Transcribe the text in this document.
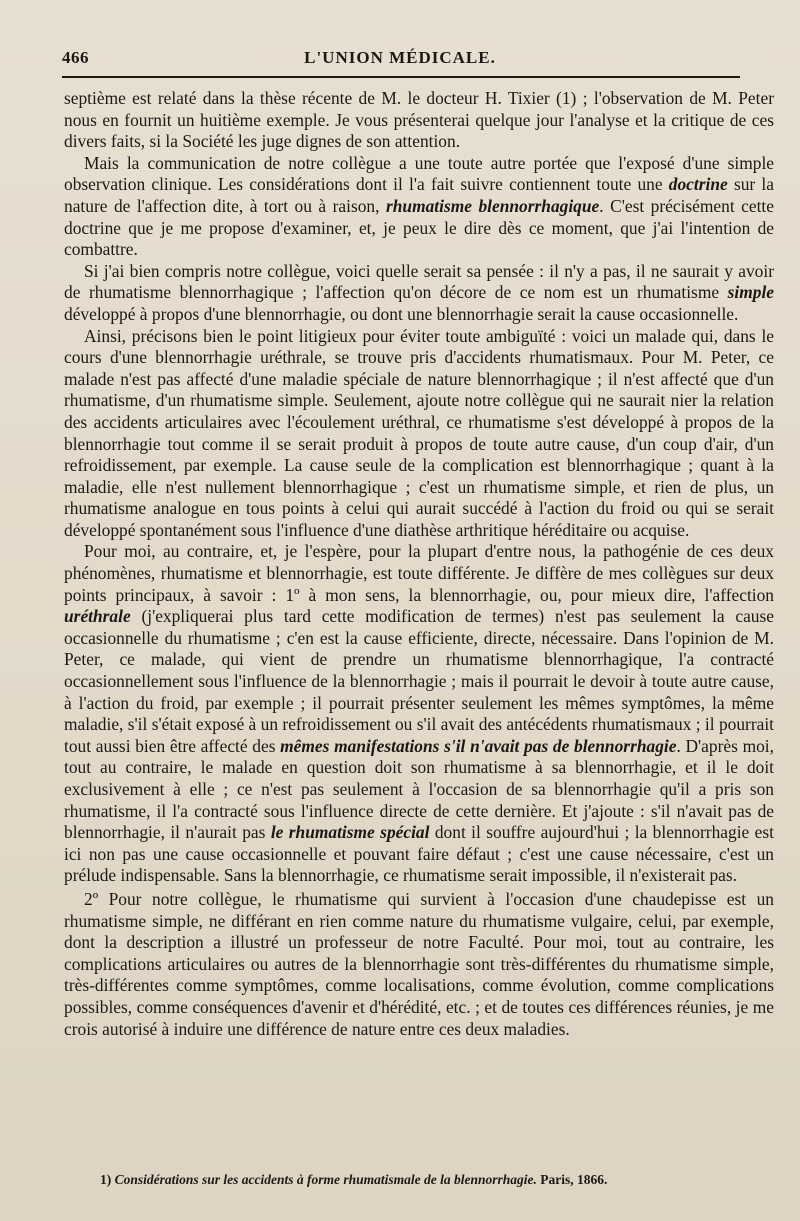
466	L'UNION MÉDICALE.

septième est relaté dans la thèse récente de M. le docteur H. Tixier (1) ; l'observation de M. Peter nous en fournit un huitième exemple. Je vous présenterai quelque jour l'analyse et la critique de ces divers faits, si la Société les juge dignes de son attention.

Mais la communication de notre collègue a une toute autre portée que l'exposé d'une simple observation clinique. Les considérations dont il l'a fait suivre contiennent toute une doctrine sur la nature de l'affection dite, à tort ou à raison, rhumatisme blennorrhagique. C'est précisément cette doctrine que je me propose d'examiner, et, je peux le dire dès ce moment, que j'ai l'intention de combattre.

Si j'ai bien compris notre collègue, voici quelle serait sa pensée : il n'y a pas, il ne saurait y avoir de rhumatisme blennorrhagique ; l'affection qu'on décore de ce nom est un rhumatisme simple développé à propos d'une blennorrhagie, ou dont une blennorrhagie serait la cause occasionnelle.

Ainsi, précisons bien le point litigieux pour éviter toute ambiguïté : voici un malade qui, dans le cours d'une blennorrhagie uréthrale, se trouve pris d'accidents rhumatismaux. Pour M. Peter, ce malade n'est pas affecté d'une maladie spéciale de nature blennorrhagique ; il n'est affecté que d'un rhumatisme, d'un rhumatisme simple. Seulement, ajoute notre collègue qui ne saurait nier la relation des accidents articulaires avec l'écoulement uréthral, ce rhumatisme s'est développé à propos de la blennorrhagie tout comme il se serait produit à propos de toute autre cause, d'un coup d'air, d'un refroidissement, par exemple. La cause seule de la complication est blennorrhagique ; quant à la maladie, elle n'est nullement blennorrhagique ; c'est un rhumatisme simple, et rien de plus, un rhumatisme analogue en tous points à celui qui aurait succédé à l'action du froid ou qui se serait développé spontanément sous l'influence d'une diathèse arthritique héréditaire ou acquise.

Pour moi, au contraire, et, je l'espère, pour la plupart d'entre nous, la pathogénie de ces deux phénomènes, rhumatisme et blennorrhagie, est toute différente. Je diffère de mes collègues sur deux points principaux, à savoir : 1º à mon sens, la blennorrhagie, ou, pour mieux dire, l'affection uréthrale (j'expliquerai plus tard cette modification de termes) n'est pas seulement la cause occasionnelle du rhumatisme ; c'en est la cause efficiente, directe, nécessaire. Dans l'opinion de M. Peter, ce malade, qui vient de prendre un rhumatisme blennorrhagique, l'a contracté occasionnellement sous l'influence de la blennorrhagie ; mais il pourrait le devoir à toute autre cause, à l'action du froid, par exemple ; il pourrait présenter seulement les mêmes symptômes, la même maladie, s'il s'était exposé à un refroidissement ou s'il avait des antécédents rhumatismaux ; il pourrait tout aussi bien être affecté des mêmes manifestations s'il n'avait pas de blennorrhagie. D'après moi, tout au contraire, le malade en question doit son rhumatisme à sa blennorrhagie, et il le doit exclusivement à elle ; ce n'est pas seulement à l'occasion de sa blennorrhagie qu'il a pris son rhumatisme, il l'a contracté sous l'influence directe de cette dernière. Et j'ajoute : s'il n'avait pas de blennorrhagie, il n'aurait pas le rhumatisme spécial dont il souffre aujourd'hui ; la blennorrhagie est ici non pas une cause occasionnelle et pouvant faire défaut ; c'est une cause nécessaire, c'est un prélude indispensable. Sans la blennorrhagie, ce rhumatisme serait impossible, il n'existerait pas.

2º Pour notre collègue, le rhumatisme qui survient à l'occasion d'une chaudepisse est un rhumatisme simple, ne différant en rien comme nature du rhumatisme vulgaire, celui, par exemple, dont la description a illustré un professeur de notre Faculté. Pour moi, tout au contraire, les complications articulaires ou autres de la blennorrhagie sont très-différentes du rhumatisme simple, très-différentes comme symptômes, comme localisations, comme évolution, comme complications possibles, comme conséquences d'avenir et d'hérédité, etc. ; et de toutes ces différences réunies, je me crois autorisé à induire une différence de nature entre ces deux maladies.

1) Considérations sur les accidents à forme rhumatismale de la blennorrhagie. Paris, 1866.
